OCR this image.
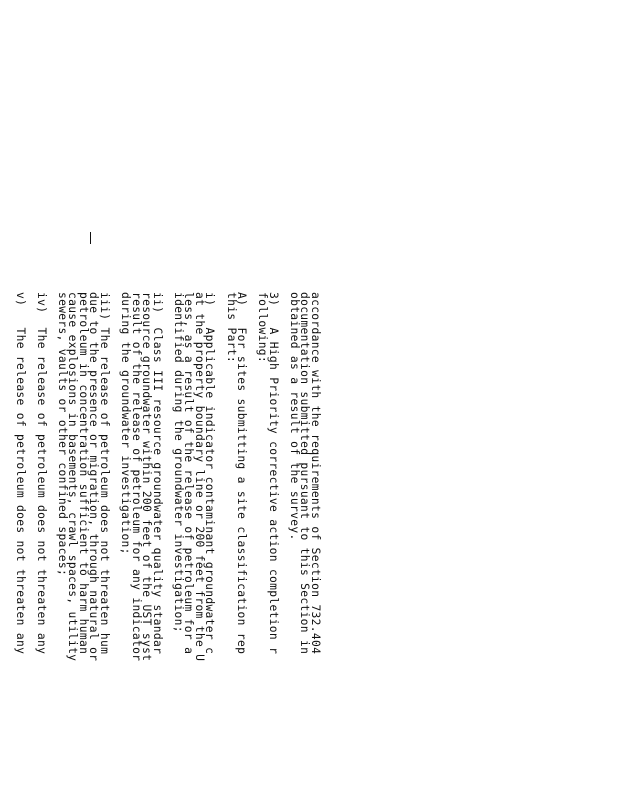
accordance with the requirements of Section 732.404
documentation submitted pursuant to this Section in
obtained as a result of the survey.
3)   A High Priority corrective action completion r
following:
A)   For sites submitting a site classification rep
this Part:
i)   Applicable indicator contaminant groundwater c
at the property boundary line or 200 feet from the U
less, as a result of the release of petroleum for a
identified during the groundwater investigation;
ii)  Class III resource groundwater quality standar
resource groundwater within 200 feet of the UST syst
result of the release of petroleum for any indicator
during the groundwater investigation;
iii) The release of petroleum does not threaten hum
due to the presence or migration, through natural or
petroleum in concentration sufficient to harm human
cause explosions in basements, crawl spaces, utility
sewers, vaults or other confined spaces;
iv)  The release of petroleum does not threaten any
v)   The release of petroleum does not threaten any
